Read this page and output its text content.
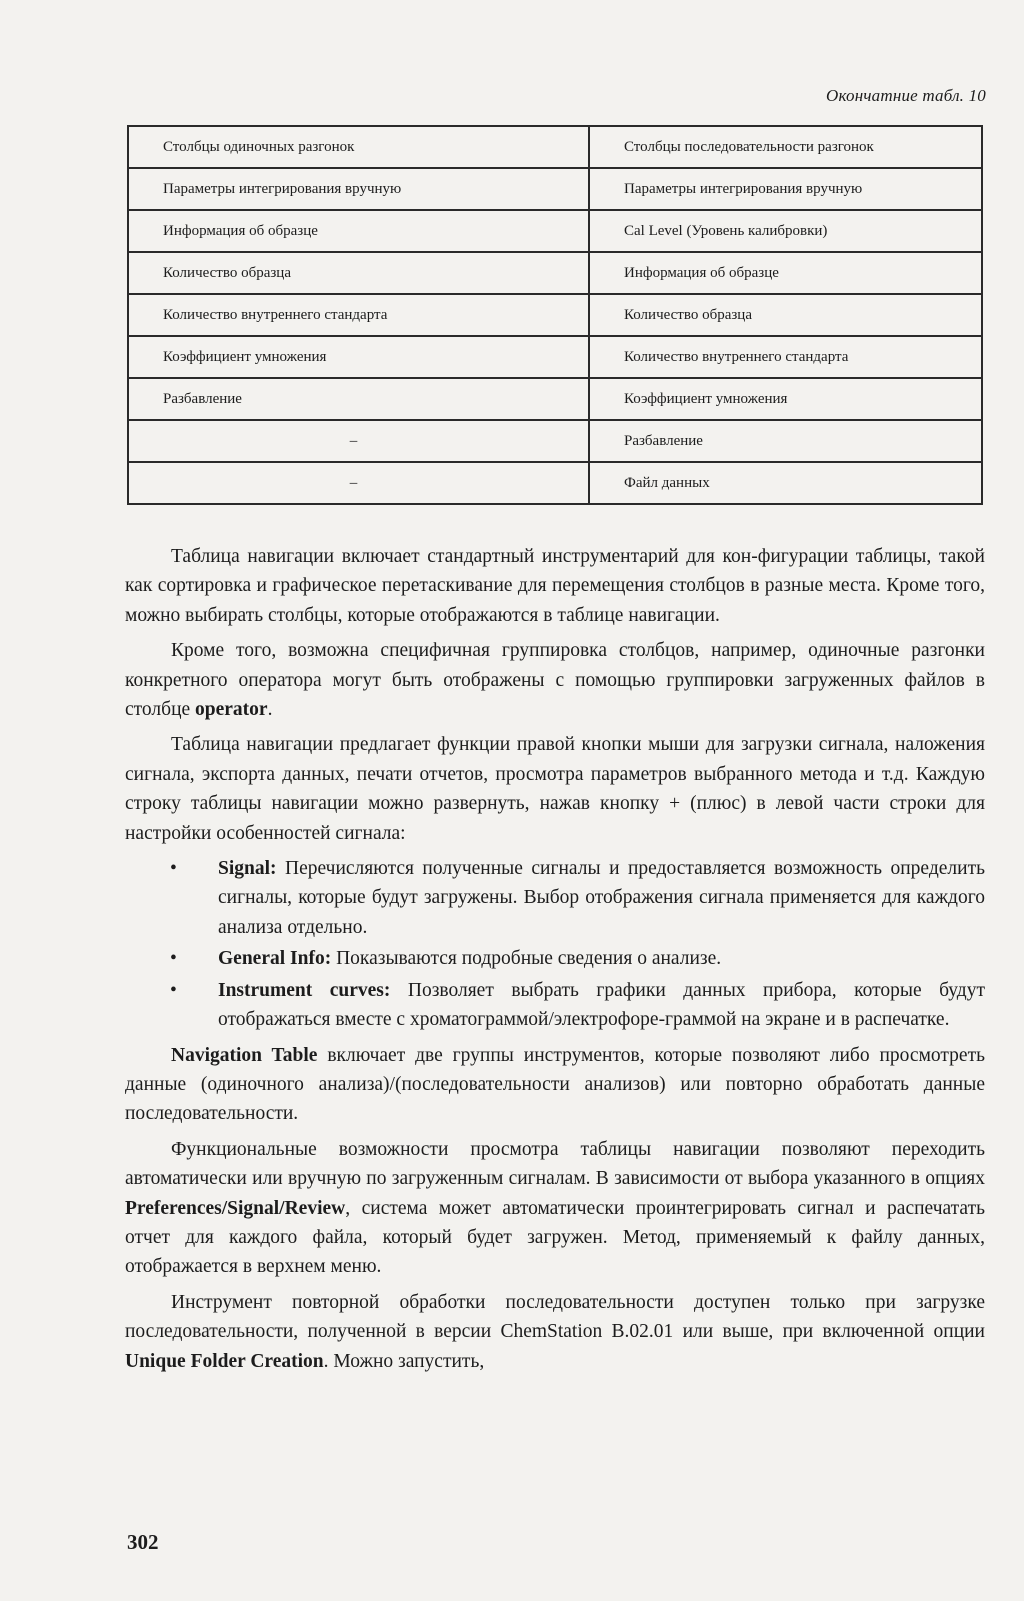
Окончатние табл. 10
Столбцы одиночных разгонок	Столбцы последовательности разгонок
Параметры интегрирования вручную	Параметры интегрирования вручную
Информация об образце	Cal Level (Уровень калибровки)
Количество образца	Информация об образце
Количество внутреннего стандарта	Количество образца
Коэффициент умножения	Количество внутреннего стандарта
Разбавление	Коэффициент умножения
–	Разбавление
–	Файл данных

Таблица навигации включает стандартный инструментарий для кон-фигурации таблицы, такой как сортировка и графическое перетаскивание для перемещения столбцов в разные места. Кроме того, можно выбирать столбцы, которые отображаются в таблице навигации.

Кроме того, возможна специфичная группировка столбцов, например, одиночные разгонки конкретного оператора могут быть отображены с помощью группировки загруженных файлов в столбце operator.

Таблица навигации предлагает функции правой кнопки мыши для загрузки сигнала, наложения сигнала, экспорта данных, печати отчетов, просмотра параметров выбранного метода и т.д. Каждую строку таблицы навигации можно развернуть, нажав кнопку + (плюс) в левой части строки для настройки особенностей сигнала:

• Signal: Перечисляются полученные сигналы и предоставляется возможность определить сигналы, которые будут загружены. Выбор отображения сигнала применяется для каждого анализа отдельно.
• General Info: Показываются подробные сведения о анализе.
• Instrument curves: Позволяет выбрать графики данных прибора, которые будут отображаться вместе с хроматограммой/электрофоре-граммой на экране и в распечатке.

Navigation Table включает две группы инструментов, которые позволяют либо просмотреть данные (одиночного анализа)/(последовательности анализов) или повторно обработать данные последовательности.

Функциональные возможности просмотра таблицы навигации позволяют переходить автоматически или вручную по загруженным сигналам. В зависимости от выбора указанного в опциях Preferences/Signal/Review, система может автоматически проинтегрировать сигнал и распечатать отчет для каждого файла, который будет загружен. Метод, применяемый к файлу данных, отображается в верхнем меню.

Инструмент повторной обработки последовательности доступен только при загрузке последовательности, полученной в версии ChemStation B.02.01 или выше, при включенной опции Unique Folder Creation. Можно запустить,

302
